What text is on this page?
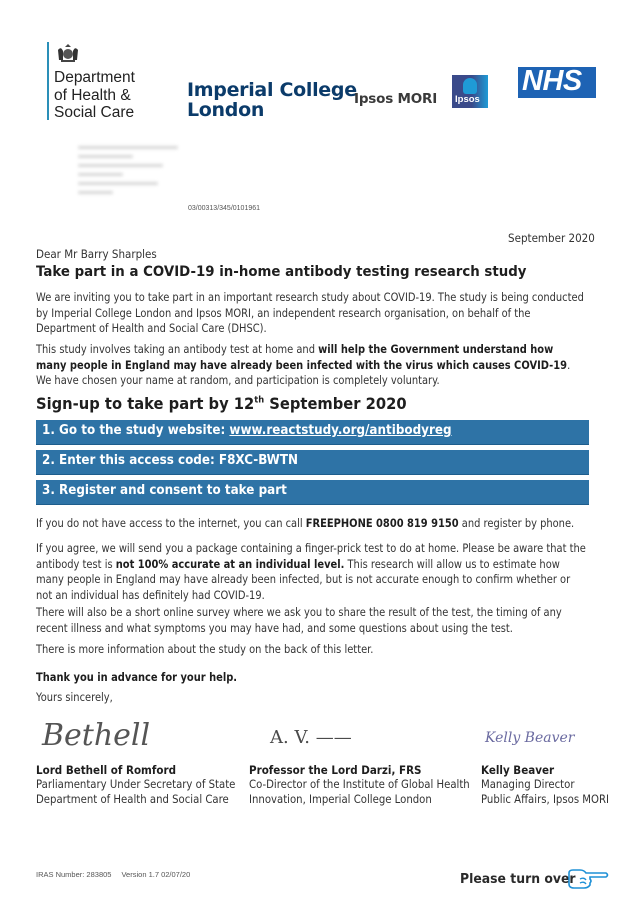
Department
of Health &
Social Care
Imperial College
London	Ipsos MORI Ipsos
NHS
03/00313/345/0101961
September 2020
Dear Mr Barry Sharples
Take part in a COVID-19 in-home antibody testing research study
We are inviting you to take part in an important research study about COVID-19. The study is being conducted by Imperial College London and Ipsos MORI, an independent research organisation, on behalf of the Department of Health and Social Care (DHSC).
This study involves taking an antibody test at home and will help the Government understand how many people in England may have already been infected with the virus which causes COVID-19. We have chosen your name at random, and participation is completely voluntary.
Sign-up to take part by 12th September 2020
1. Go to the study website: www.reactstudy.org/antibodyreg
2. Enter this access code: F8XC-BWTN
3. Register and consent to take part
If you do not have access to the internet, you can call FREEPHONE 0800 819 9150 and register by phone.
If you agree, we will send you a package containing a finger-prick test to do at home. Please be aware that the antibody test is not 100% accurate at an individual level. This research will allow us to estimate how many people in England may have already been infected, but is not accurate enough to confirm whether or not an individual has definitely had COVID-19.
There will also be a short online survey where we ask you to share the result of the test, the timing of any recent illness and what symptoms you may have had, and some questions about using the test.
There is more information about the study on the back of this letter.
Thank you in advance for your help.
Yours sincerely,
Bethell	A. V. ——	Kelly Beaver
Lord Bethell of Romford
Parliamentary Under Secretary of State
Department of Health and Social Care
Professor the Lord Darzi, FRS
Co-Director of the Institute of Global Health
Innovation, Imperial College London
Kelly Beaver
Managing Director
Public Affairs, Ipsos MORI
IRAS Number: 283805 Version 1.7 02/07/20	Please turn over
